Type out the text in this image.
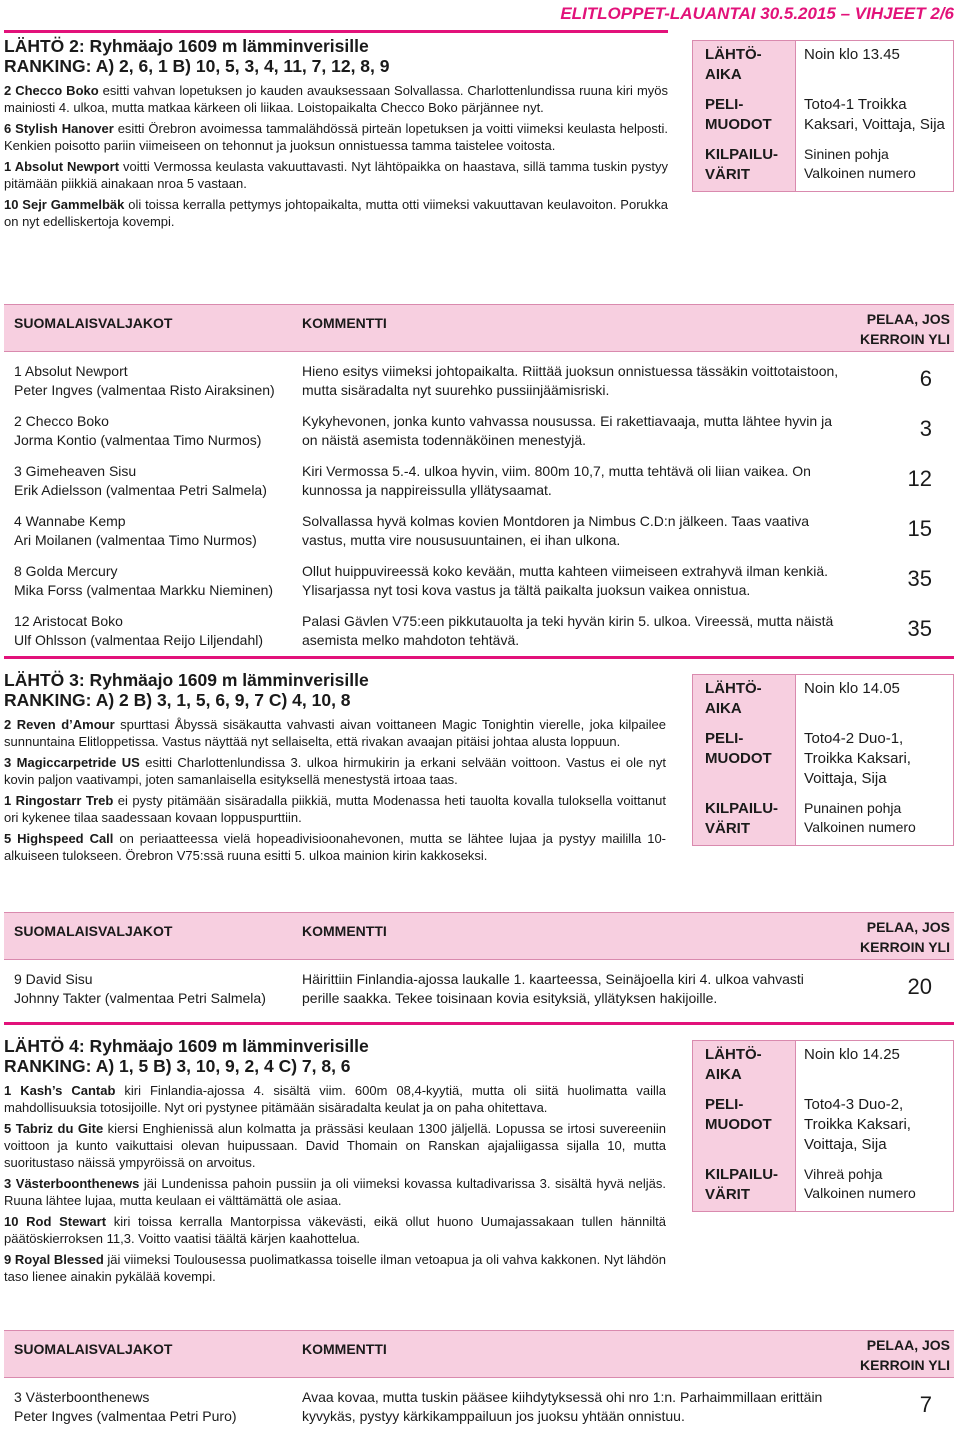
ELITLOPPET-LAUANTAI 30.5.2015 – VIHJEET 2/6
LÄHTÖ 2: Ryhmäajo 1609 m lämminverisille
RANKING: A) 2, 6, 1 B) 10, 5, 3, 4, 11, 7, 12, 8, 9

2 Checco Boko esitti vahvan lopetuksen jo kauden avauksessaan Solvallassa. Charlottenlundissa ruuna kiri myös mainiosti 4. ulkoa, mutta matkaa kärkeen oli liikaa. Loistopaikalta Checco Boko pärjännee nyt.

6 Stylish Hanover esitti Örebron avoimessa tammalähdössä pirteän lopetuksen ja voitti viimeksi keulasta helposti. Kenkien poisotto pariin viimeiseen on tehonnut ja juoksun onnistuessa tamma taistelee voitosta.

1 Absolut Newport voitti Vermossa keulasta vakuuttavasti. Nyt lähtöpaikka on haastava, sillä tamma tuskin pystyy pitämään piikkiä ainakaan nroa 5 vastaan.

10 Sejr Gammelbäk oli toissa kerralla pettymys johtopaikalta, mutta otti viimeksi vakuuttavan keulavoiton. Porukka on nyt edelliskertoja kovempi.

LÄHTÖ-AIKA
Noin klo 13.45
PELI-MUODOT
Toto4-1 Troikka Kaksari, Voittaja, Sija
KILPAILU-VÄRIT
Sininen pohja
Valkoinen numero
SUOMALAISVALJAKOT	KOMMENTTI	PELAA, JOS
KERROIN YLI
1 Absolut Newport
Peter Ingves (valmentaa Risto Airaksinen)
Hieno esitys viimeksi johtopaikalta. Riittää juoksun onnistuessa tässäkin voittotaistoon, mutta sisäradalta nyt suurehko pussiinjäämisriski.	6
2 Checco Boko
Jorma Kontio (valmentaa Timo Nurmos)
Kykyhevonen, jonka kunto vahvassa nousussa. Ei rakettiavaaja, mutta lähtee hyvin ja on näistä asemista todennäköinen menestyjä.	3
3 Gimeheaven Sisu
Erik Adielsson (valmentaa Petri Salmela)
Kiri Vermossa 5.-4. ulkoa hyvin, viim. 800m 10,7, mutta tehtävä oli liian vaikea. On kunnossa ja nappireissulla yllätysaamat.	12
4 Wannabe Kemp
Ari Moilanen (valmentaa Timo Nurmos)
Solvallassa hyvä kolmas kovien Montdoren ja Nimbus C.D:n jälkeen. Taas vaativa vastus, mutta vire noususuuntainen, ei ihan ulkona.	15
8 Golda Mercury
Mika Forss (valmentaa Markku Nieminen)
Ollut huippuvireessä koko kevään, mutta kahteen viimeiseen extrahyvä ilman kenkiä. Ylisarjassa nyt tosi kova vastus ja tältä paikalta juoksun vaikea onnistua.	35
12 Aristocat Boko
Ulf Ohlsson (valmentaa Reijo Liljendahl)
Palasi Gävlen V75:een pikkutauolta ja teki hyvän kirin 5. ulkoa. Vireessä, mutta näistä asemista melko mahdoton tehtävä.	35
LÄHTÖ 3: Ryhmäajo 1609 m lämminverisille
RANKING: A) 2 B) 3, 1, 5, 6, 9, 7 C) 4, 10, 8

2 Reven d’Amour spurttasi Åbyssä sisäkautta vahvasti aivan voittaneen Magic Tonightin vierelle, joka kilpailee sunnuntaina Elitloppetissa. Vastus näyttää nyt sellaiselta, että rivakan avaajan pitäisi johtaa alusta loppuun.

3 Magiccarpetride US esitti Charlottenlundissa 3. ulkoa hirmukirin ja erkani selvään voittoon. Vastus ei ole nyt kovin paljon vaativampi, joten samanlaisella esityksellä menestystä irtoaa taas.

1 Ringostarr Treb ei pysty pitämään sisäradalla piikkiä, mutta Modenassa heti tauolta kovalla tuloksella voittanut ori kykenee tilaa saadessaan kovaan loppuspurttiin.

5 Highspeed Call on periaatteessa vielä hopeadivisioonahevonen, mutta se lähtee lujaa ja pystyy maililla 10-alkuiseen tulokseen. Örebron V75:ssä ruuna esitti 5. ulkoa mainion kirin kakkoseksi.

LÄHTÖ-AIKA
Noin klo 14.05
PELI-MUODOT
Toto4-2 Duo-1, Troikka Kaksari, Voittaja, Sija
KILPAILU-VÄRIT
Punainen pohja
Valkoinen numero
SUOMALAISVALJAKOT	KOMMENTTI	PELAA, JOS
KERROIN YLI
9 David Sisu
Johnny Takter (valmentaa Petri Salmela)
Häirittiin Finlandia-ajossa laukalle 1. kaarteessa, Seinäjoella kiri 4. ulkoa vahvasti perille saakka. Tekee toisinaan kovia esityksiä, yllätyksen hakijoille.	20
LÄHTÖ 4: Ryhmäajo 1609 m lämminverisille
RANKING: A) 1, 5 B) 3, 10, 9, 2, 4 C) 7, 8, 6

1 Kash’s Cantab kiri Finlandia-ajossa 4. sisältä viim. 600m 08,4-kyytiä, mutta oli siitä huolimatta vailla mahdollisuuksia totosijoille. Nyt ori pystynee pitämään sisäradalta keulat ja on paha ohitettava.

5 Tabriz du Gite kiersi Enghienissä alun kolmatta ja prässäsi keulaan 1300 jäljellä. Lopussa se irtosi suvereeniin voittoon ja kunto vaikuttaisi olevan huipussaan. David Thomain on Ranskan ajajaliigassa sijalla 10, mutta suoritustaso näissä ympyröissä on arvoitus.

3 Västerboonthenews jäi Lundenissa pahoin pussiin ja oli viimeksi kovassa kultadivarissa 3. sisältä hyvä neljäs. Ruuna lähtee lujaa, mutta keulaan ei välttämättä ole asiaa.

10 Rod Stewart kiri toissa kerralla Mantorpissa väkevästi, eikä ollut huono Uumajassakaan tullen hänniltä päätöskierroksen 11,3. Voitto vaatisi täältä kärjen kaahottelua.

9 Royal Blessed jäi viimeksi Toulousessa puolimatkassa toiselle ilman vetoapua ja oli vahva kakkonen. Nyt lähdön taso lienee ainakin pykälää kovempi.

LÄHTÖ-AIKA
Noin klo 14.25
PELI-MUODOT
Toto4-3 Duo-2, Troikka Kaksari, Voittaja, Sija
KILPAILU-VÄRIT
Vihreä pohja
Valkoinen numero
SUOMALAISVALJAKOT	KOMMENTTI	PELAA, JOS
KERROIN YLI
3 Västerboonthenews
Peter Ingves (valmentaa Petri Puro)
Avaa kovaa, mutta tuskin pääsee kiihdytyksessä ohi nro 1:n. Parhaimmillaan erittäin kyvykäs, pystyy kärkikamppailuun jos juoksu yhtään onnistuu.	7
